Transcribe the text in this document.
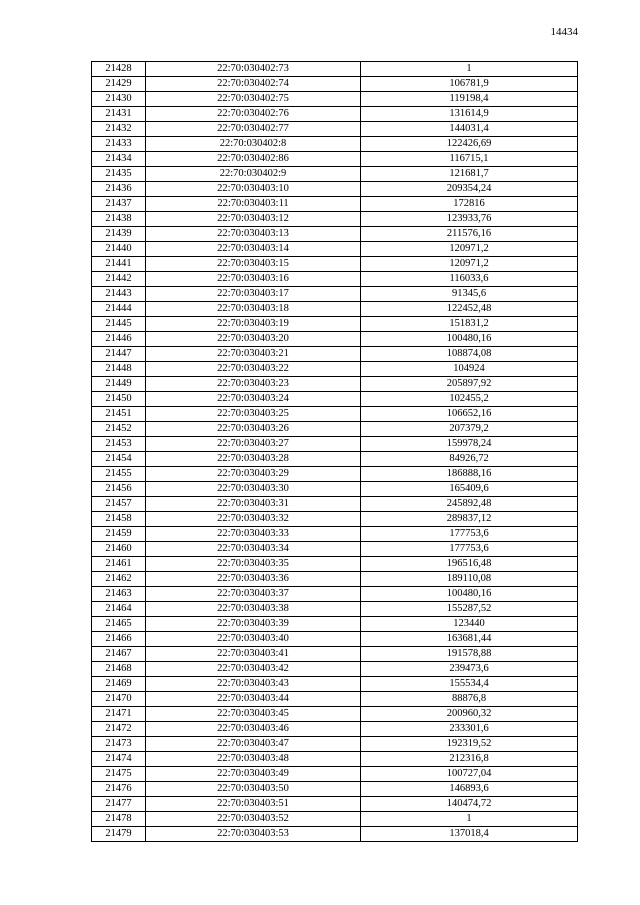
14434
21428	22:70:030402:73	1
21429	22:70:030402:74	106781,9
21430	22:70:030402:75	119198,4
21431	22:70:030402:76	131614,9
21432	22:70:030402:77	144031,4
21433	22:70:030402:8	122426,69
21434	22:70:030402:86	116715,1
21435	22:70:030402:9	121681,7
21436	22:70:030403:10	209354,24
21437	22:70:030403:11	172816
21438	22:70:030403:12	123933,76
21439	22:70:030403:13	211576,16
21440	22:70:030403:14	120971,2
21441	22:70:030403:15	120971,2
21442	22:70:030403:16	116033,6
21443	22:70:030403:17	91345,6
21444	22:70:030403:18	122452,48
21445	22:70:030403:19	151831,2
21446	22:70:030403:20	100480,16
21447	22:70:030403:21	108874,08
21448	22:70:030403:22	104924
21449	22:70:030403:23	205897,92
21450	22:70:030403:24	102455,2
21451	22:70:030403:25	106652,16
21452	22:70:030403:26	207379,2
21453	22:70:030403:27	159978,24
21454	22:70:030403:28	84926,72
21455	22:70:030403:29	186888,16
21456	22:70:030403:30	165409,6
21457	22:70:030403:31	245892,48
21458	22:70:030403:32	289837,12
21459	22:70:030403:33	177753,6
21460	22:70:030403:34	177753,6
21461	22:70:030403:35	196516,48
21462	22:70:030403:36	189110,08
21463	22:70:030403:37	100480,16
21464	22:70:030403:38	155287,52
21465	22:70:030403:39	123440
21466	22:70:030403:40	163681,44
21467	22:70:030403:41	191578,88
21468	22:70:030403:42	239473,6
21469	22:70:030403:43	155534,4
21470	22:70:030403:44	88876,8
21471	22:70:030403:45	200960,32
21472	22:70:030403:46	233301,6
21473	22:70:030403:47	192319,52
21474	22:70:030403:48	212316,8
21475	22:70:030403:49	100727,04
21476	22:70:030403:50	146893,6
21477	22:70:030403:51	140474,72
21478	22:70:030403:52	1
21479	22:70:030403:53	137018,4
